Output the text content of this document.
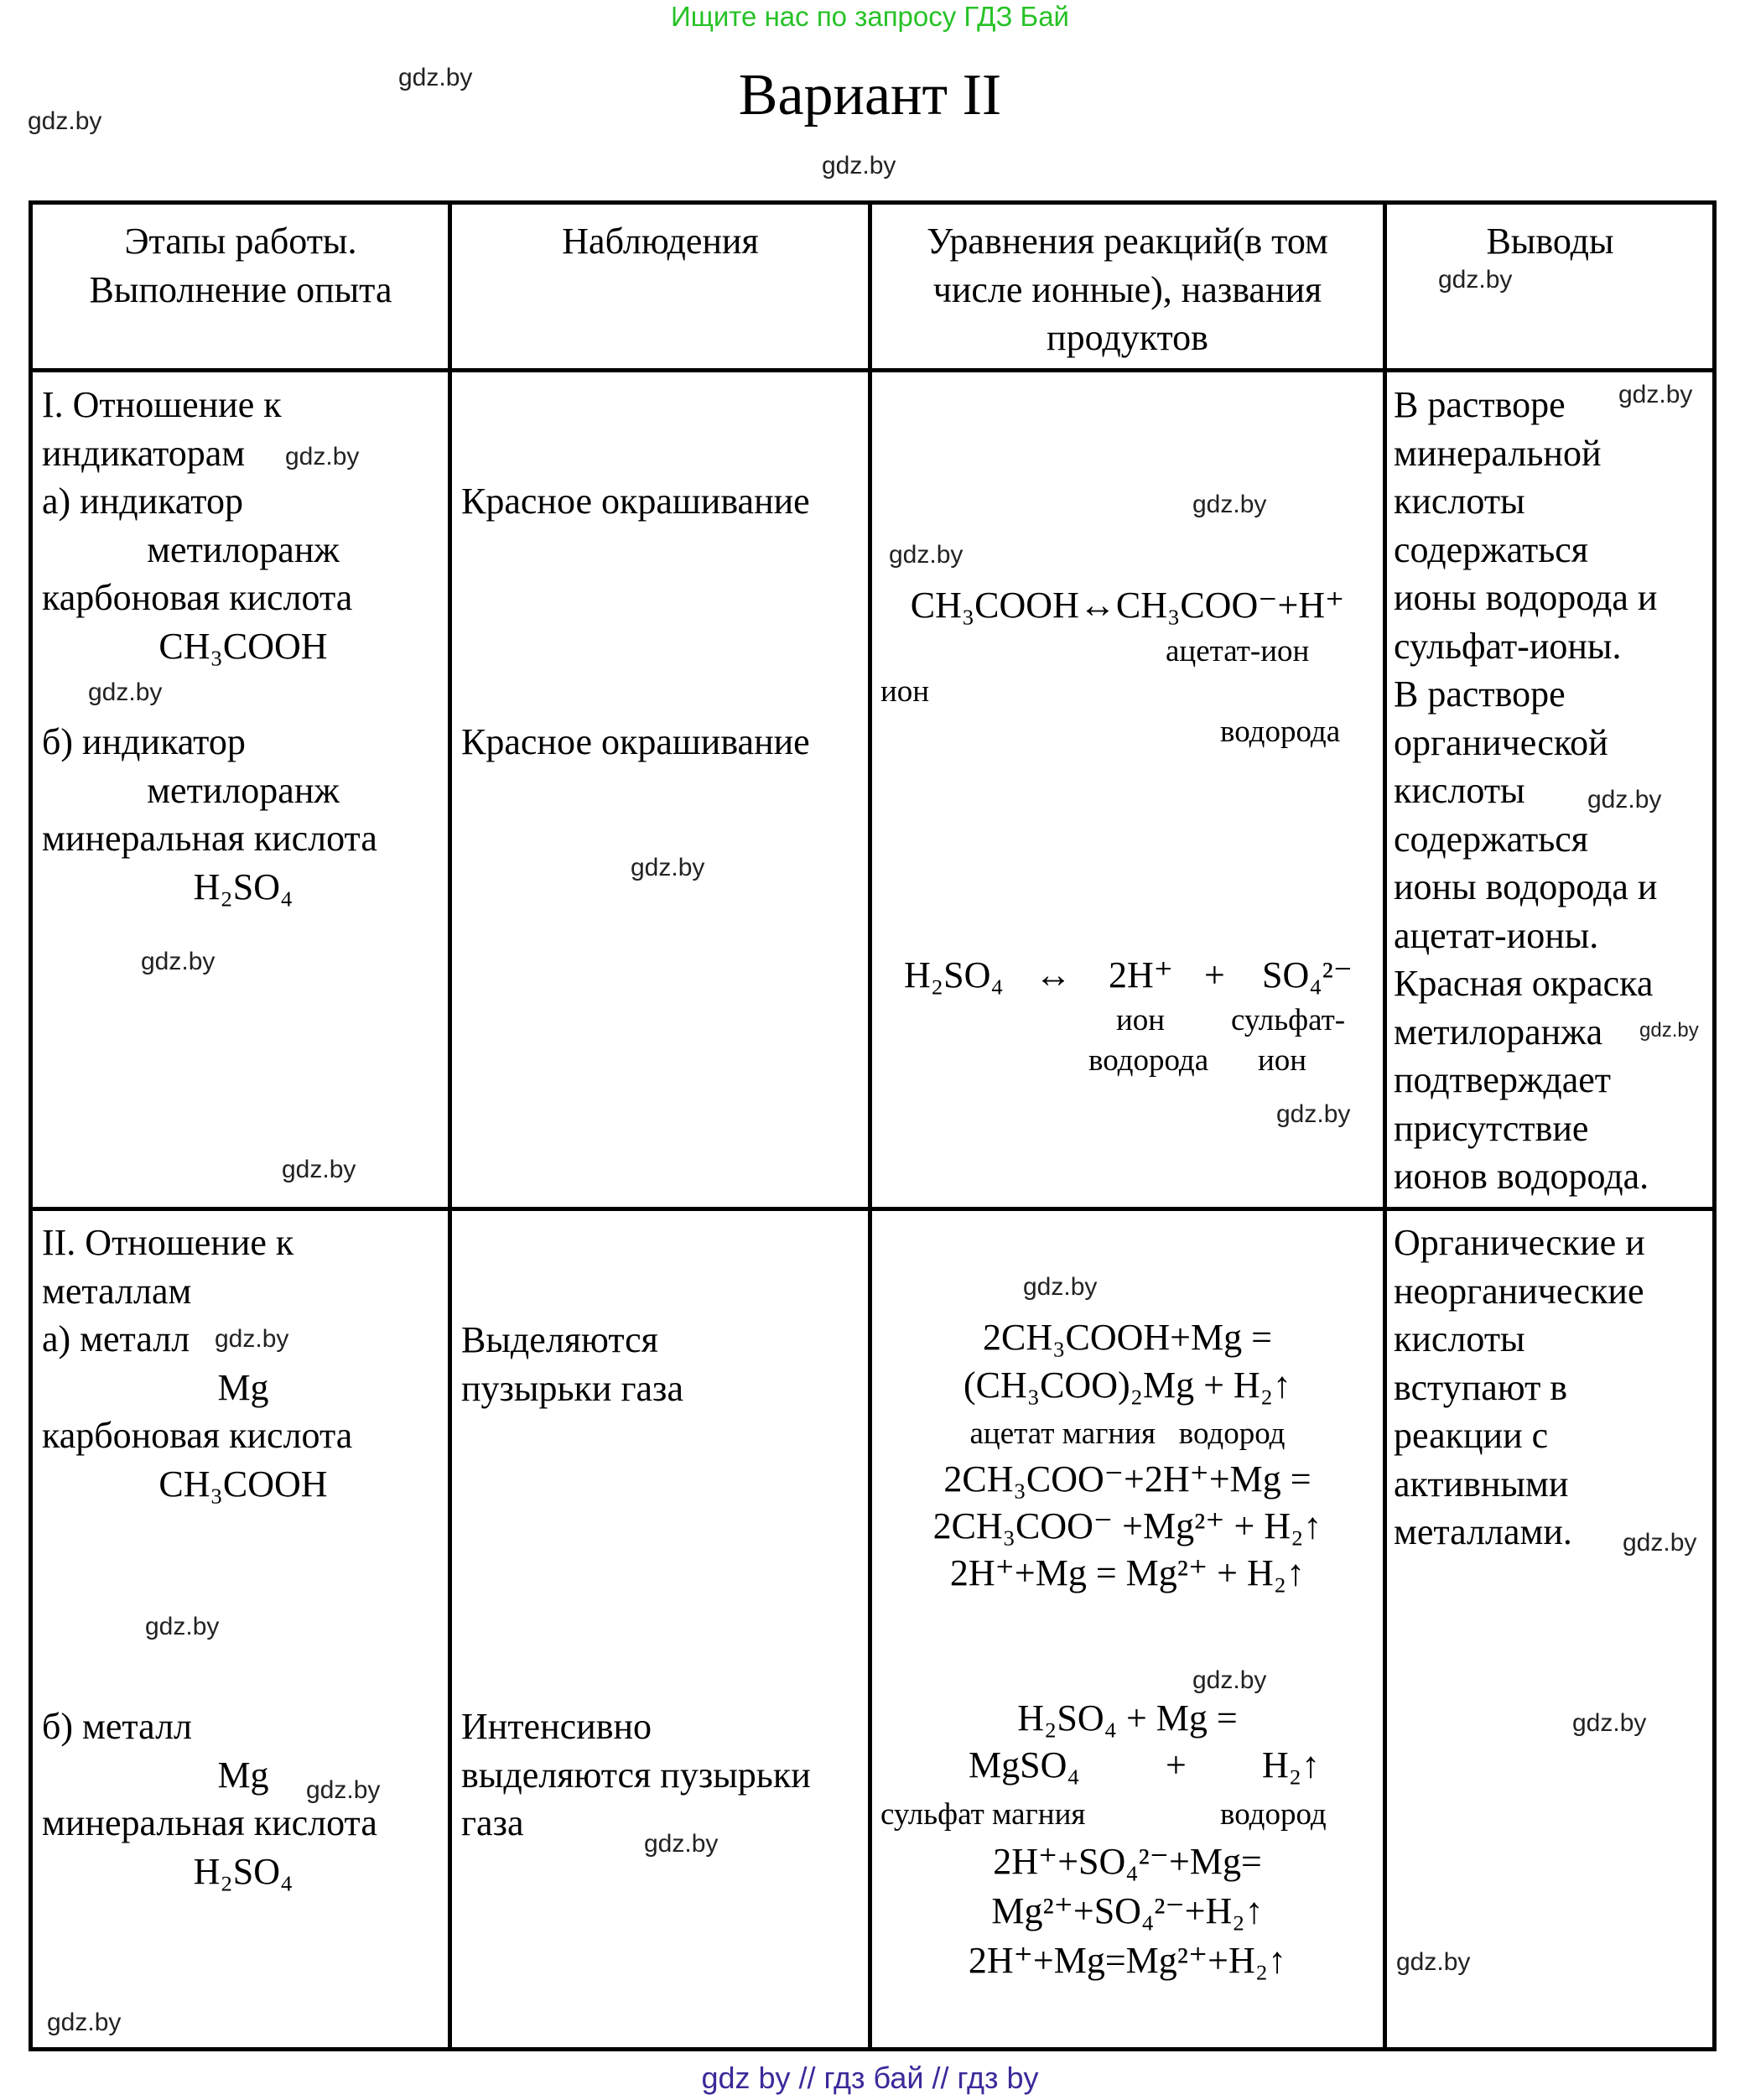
Ищите нас по запросу ГДЗ Бай
Вариант II
gdz.by
gdz.by
gdz.by
gdz.by
gdz.by
gdz.by
gdz.by
gdz.by
gdz.by
gdz.by
gdz.by
gdz.by
gdz.by
gdz.by
gdz.by
gdz.by
gdz.by
gdz.by
gdz.by
gdz.by
gdz.by
gdz.by
gdz.by
gdz.by
gdz.by
Этапы работы.
Выполнение опыта
Наблюдения	Уравнения реакций(в том
числе ионные), названия
продуктов
Выводы
I. Отношение к
индикаторам
а) индикатор
метилоранж
карбоновая кислота
CH₃COOH
б) индикатор
метилоранж
минеральная кислота
H₂SO₄
Красное окрашивание
Красное окрашивание
CH₃COOH↔CH₃COO⁻+H⁺
ацетат-ион
ион
водорода
H₂SO₄ ↔ 2H⁺ + SO₄²⁻
ион
водорода
сульфат-
ион
В растворе
минеральной
кислоты
содержаться
ионы водорода и
сульфат-ионы.
В растворе
органической
кислоты
содержаться
ионы водорода и
ацетат-ионы.
Красная окраска
метилоранжа
подтверждает
присутствие
ионов водорода.
II. Отношение к
металлам
а) металл
Mg
карбоновая кислота
CH₃COOH
б) металл
Mg
минеральная кислота
H₂SO₄
Выделяются
пузырьки газа
Интенсивно
выделяются пузырьки
газа
2CH₃COOH+Mg =
(CH₃COO)₂Mg + H₂↑
ацетат магния   водород
2CH₃COO⁻+2H⁺+Mg =
2CH₃COO⁻ +Mg²⁺ + H₂↑
2H⁺+Mg = Mg²⁺ + H₂↑
H₂SO₄ + Mg =
MgSO₄ + H₂↑
сульфат магния	водород
2H⁺+SO₄²⁻+Mg=
Mg²⁺+SO₄²⁻+H₂↑
2H⁺+Mg=Mg²⁺+H₂↑
Органические и
неорганические
кислоты
вступают в
реакции с
активными
металлами.
gdz by // гдз бай // гдз by
